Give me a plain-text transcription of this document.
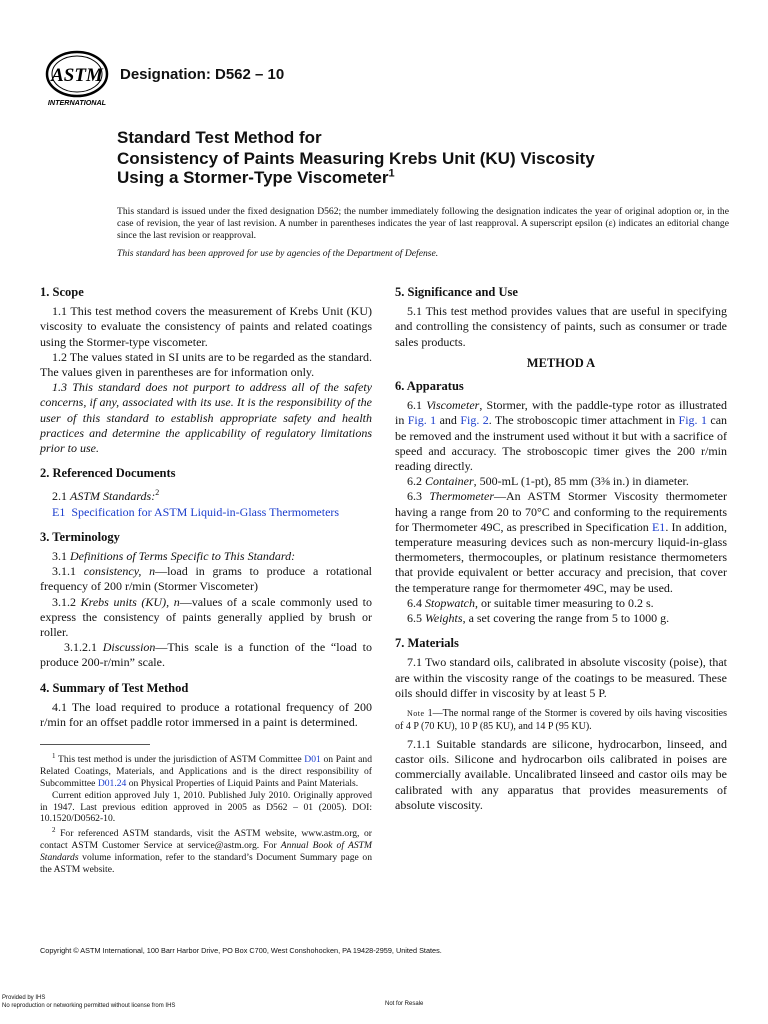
ASTM
INTERNATIONAL
Designation: D562 – 10
Standard Test Method for
Consistency of Paints Measuring Krebs Unit (KU) Viscosity
Using a Stormer-Type Viscometer$^1$
This standard is issued under the fixed designation D562; the number immediately following the designation indicates the year of original adoption or, in the case of revision, the year of last revision. A number in parentheses indicates the year of last reapproval. A superscript epsilon (ε) indicates an editorial change since the last revision or reapproval.
This standard has been approved for use by agencies of the Department of Defense.
1. Scope

1.1 This test method covers the measurement of Krebs Unit (KU) viscosity to evaluate the consistency of paints and related coatings using the Stormer-type viscometer.

1.2 The values stated in SI units are to be regarded as the standard. The values given in parentheses are for information only.

1.3 This standard does not purport to address all of the safety concerns, if any, associated with its use. It is the responsibility of the user of this standard to establish appropriate safety and health practices and determine the applicability of regulatory limitations prior to use.

2. Referenced Documents

2.1 ASTM Standards:$^2$

E1 Specification for ASTM Liquid-in-Glass Thermometers

3. Terminology

3.1 Definitions of Terms Specific to This Standard:

3.1.1 consistency, n—load in grams to produce a rotational frequency of 200 r/min (Stormer Viscometer)

3.1.2 Krebs units (KU), n—values of a scale commonly used to express the consistency of paints generally applied by brush or roller.

3.1.2.1 Discussion—This scale is a function of the “load to produce 200-r/min” scale.

4. Summary of Test Method

4.1 The load required to produce a rotational frequency of 200 r/min for an offset paddle rotor immersed in a paint is determined.

$^1$ This test method is under the jurisdiction of ASTM Committee D01 on Paint and Related Coatings, Materials, and Applications and is the direct responsibility of Subcommittee D01.24 on Physical Properties of Liquid Paints and Paint Materials.
Current edition approved July 1, 2010. Published July 2010. Originally approved in 1947. Last previous edition approved in 2005 as D562 – 01 (2005). DOI: 10.1520/D0562-10.
$^2$ For referenced ASTM standards, visit the ASTM website, www.astm.org, or contact ASTM Customer Service at service@astm.org. For Annual Book of ASTM Standards volume information, refer to the standard’s Document Summary page on the ASTM website.
5. Significance and Use

5.1 This test method provides values that are useful in specifying and controlling the consistency of paints, such as consumer or trade sales products.

METHOD A
6. Apparatus

6.1 Viscometer, Stormer, with the paddle-type rotor as illustrated in Fig. 1 and Fig. 2. The stroboscopic timer attachment in Fig. 1 can be removed and the instrument used without it but with a sacrifice of speed and accuracy. The stroboscopic timer gives the 200 r/min reading directly.

6.2 Container, 500-mL (1-pt), 85 mm (3⅜ in.) in diameter.

6.3 Thermometer—An ASTM Stormer Viscosity thermometer having a range from 20 to 70°C and conforming to the requirements for Thermometer 49C, as prescribed in Specification E1. In addition, temperature measuring devices such as non-mercury liquid-in-glass thermometers, thermocouples, or platinum resistance thermometers that provide equivalent or better accuracy and precision, that cover the temperature range for thermometer 49C, may be used.

6.4 Stopwatch, or suitable timer measuring to 0.2 s.

6.5 Weights, a set covering the range from 5 to 1000 g.

7. Materials

7.1 Two standard oils, calibrated in absolute viscosity (poise), that are within the viscosity range of the coatings to be measured. These oils should differ in viscosity by at least 5 P.

Note 1—The normal range of the Stormer is covered by oils having viscosities of 4 P (70 KU), 10 P (85 KU), and 14 P (95 KU).

7.1.1 Suitable standards are silicone, hydrocarbon, linseed, and castor oils. Silicone and hydrocarbon oils calibrated in poises are commercially available. Uncalibrated linseed and castor oils may be calibrated with any apparatus that provides measurements of absolute viscosity.

Copyright © ASTM International, 100 Barr Harbor Drive, PO Box C700, West Conshohocken, PA 19428-2959, United States.
Provided by IHS
No reproduction or networking permitted without license from IHS	Not for Resale
